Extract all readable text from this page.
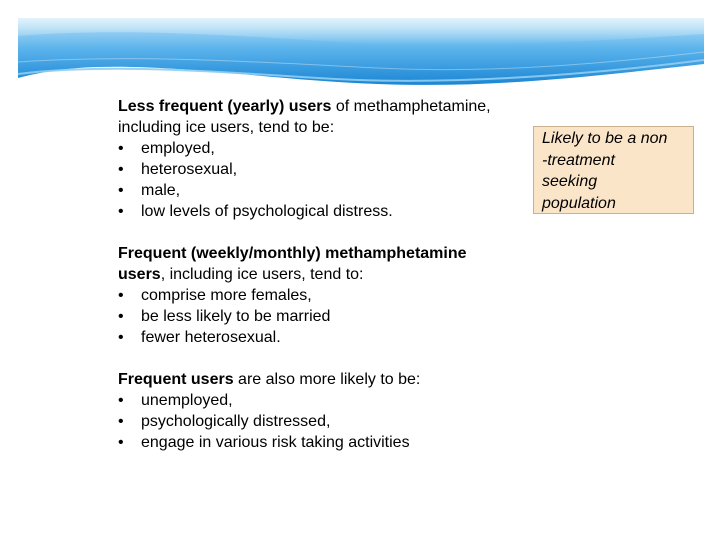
Less frequent (yearly) users of methamphetamine,
including ice users, tend to be:
• employed,
• heterosexual,
• male,
• low levels of psychological distress.
Frequent (weekly/monthly) methamphetamine
users, including ice users, tend to:
• comprise more females,
• be less likely to be married
• fewer heterosexual.
Frequent users are also more likely to be:
• unemployed,
• psychologically distressed,
• engage in various risk taking activities
Likely to be a non
-treatment
seeking
population
